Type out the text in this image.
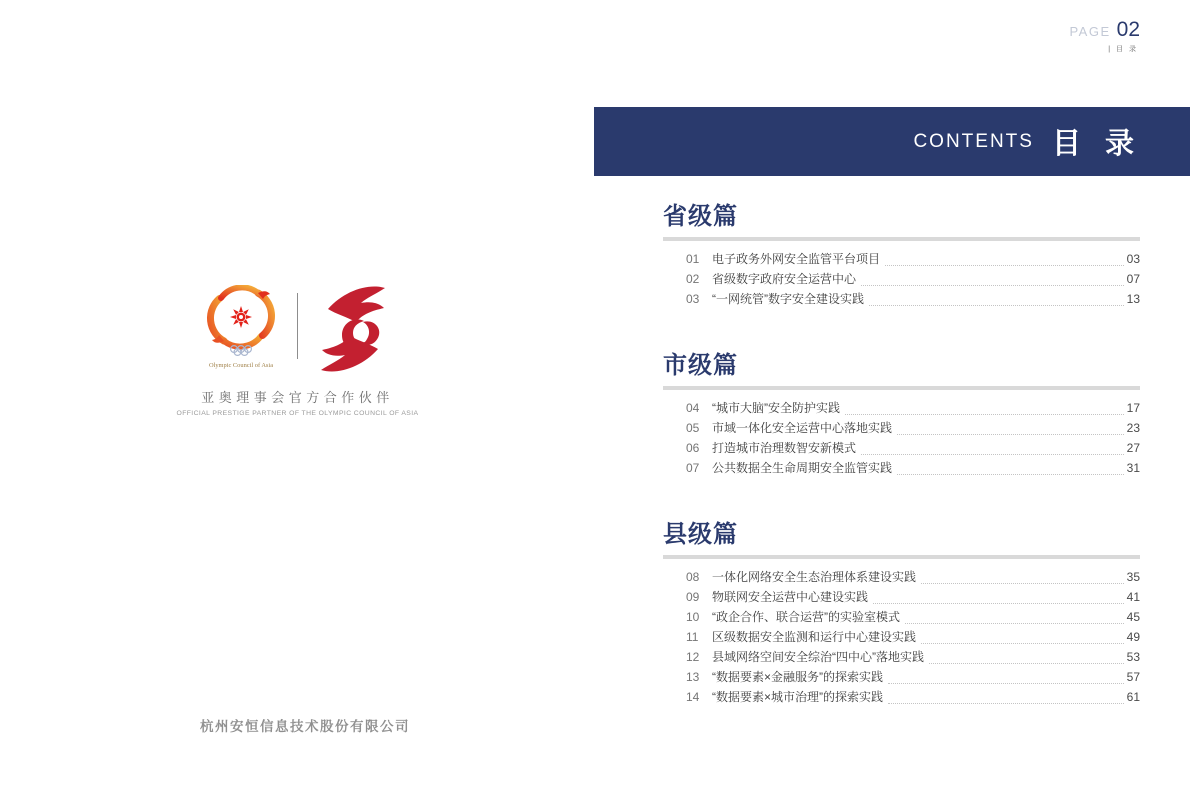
PAGE 02
| 目 录
CONTENTS 目 录
Olympic Council of Asia
亚奥理事会官方合作伙伴
OFFICIAL PRESTIGE PARTNER OF THE OLYMPIC COUNCIL OF ASIA
省级篇
01	电子政务外网安全监管平台项目	03
02	省级数字政府安全运营中心	07
03	“一网统管”数字安全建设实践	13
市级篇
04	“城市大脑”安全防护实践	17
05	市域一体化安全运营中心落地实践	23
06	打造城市治理数智安新模式	27
07	公共数据全生命周期安全监管实践	31
县级篇
08	一体化网络安全生态治理体系建设实践	35
09	物联网安全运营中心建设实践	41
10	“政企合作、联合运营”的实验室模式	45
11	区级数据安全监测和运行中心建设实践	49
12	县域网络空间安全综治“四中心”落地实践	53
13	“数据要素×金融服务”的探索实践	57
14	“数据要素×城市治理”的探索实践	61
杭州安恒信息技术股份有限公司
